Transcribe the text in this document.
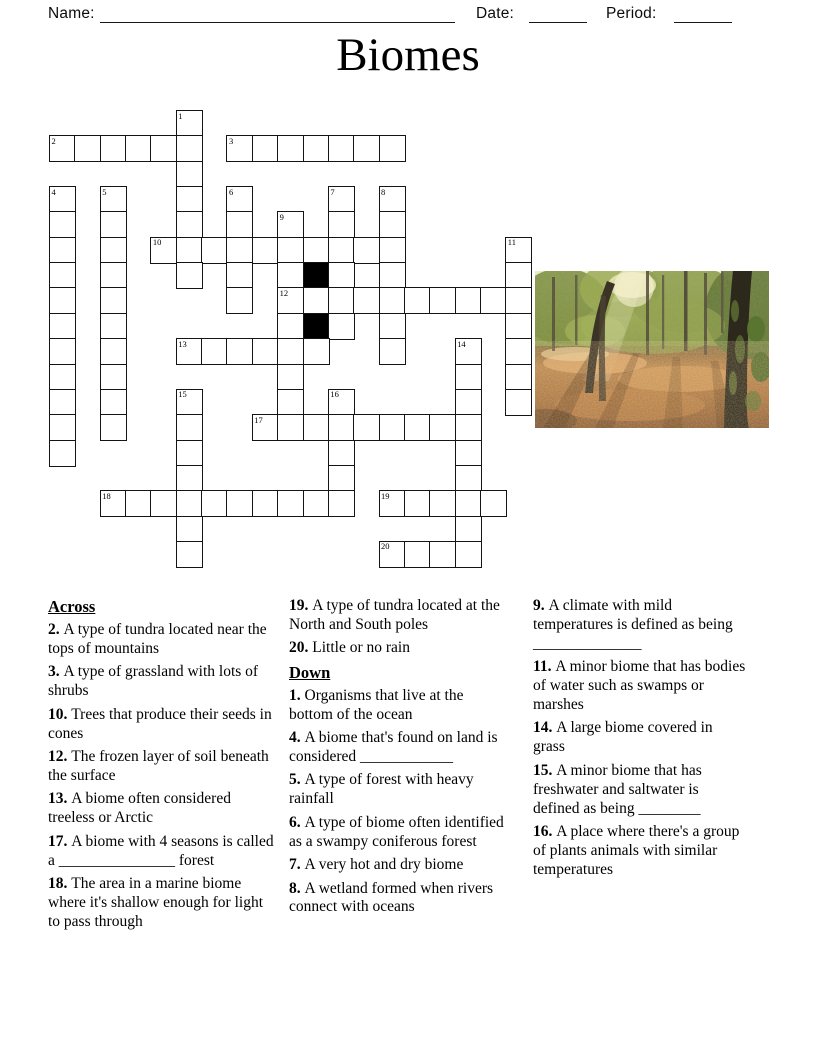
Name:	Date:	Period:
Biomes
1
2	3
4	5	6	7	8
9
10	11
12
13	14
15	16
17
18	19
20
Across

2. A type of tundra located near the tops of mountains

3. A type of grassland with lots of shrubs

10. Trees that produce their seeds in cones

12. The frozen layer of soil beneath the surface

13. A biome often considered treeless or Arctic

17. A biome with 4 seasons is called a _______________ forest

18. The area in a marine biome where it's shallow enough for light to pass through

19. A type of tundra located at the North and South poles

20. Little or no rain

Down

1. Organisms that live at the bottom of the ocean

4. A biome that's found on land is considered ____________

5. A type of forest with heavy rainfall

6. A type of biome often identified as a swampy coniferous forest

7. A very hot and dry biome

8. A wetland formed when rivers connect with oceans

9. A climate with mild temperatures is defined as being ______________

11. A minor biome that has bodies of water such as swamps or marshes

14. A large biome covered in grass

15. A minor biome that has freshwater and saltwater is defined as being ________

16. A place where there's a group of plants animals with similar temperatures
